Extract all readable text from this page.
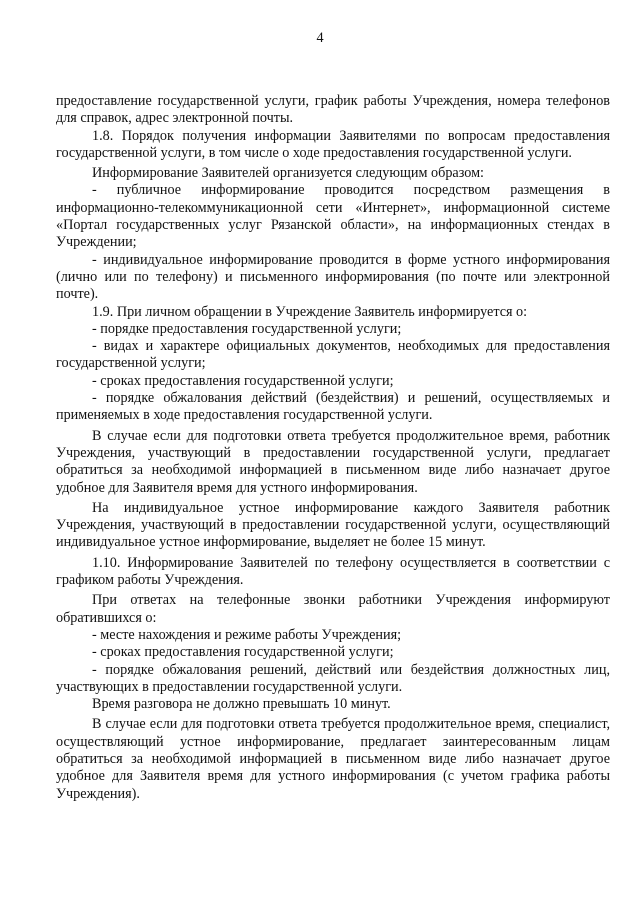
4

предоставление государственной услуги, график работы Учреждения, номера телефонов для справок, адрес электронной почты.

1.8. Порядок получения информации Заявителями по вопросам предоставления государственной услуги, в том числе о ходе предоставления государственной услуги.

Информирование Заявителей организуется следующим образом:

- публичное информирование проводится посредством размещения в информационно-телекоммуникационной сети «Интернет», информационной системе «Портал государственных услуг Рязанской области», на информационных стендах в Учреждении;

- индивидуальное информирование проводится в форме устного информирования (лично или по телефону) и письменного информирования (по почте или электронной почте).

1.9. При личном обращении в Учреждение Заявитель информируется о:

- порядке предоставления государственной услуги;

- видах и характере официальных документов, необходимых для предоставления государственной услуги;

- сроках предоставления государственной услуги;

- порядке обжалования действий (бездействия) и решений, осуществляемых и применяемых в ходе предоставления государственной услуги.

В случае если для подготовки ответа требуется продолжительное время, работник Учреждения, участвующий в предоставлении государственной услуги, предлагает обратиться за необходимой информацией в письменном виде либо назначает другое удобное для Заявителя время для устного информирования.

На индивидуальное устное информирование каждого Заявителя работник Учреждения, участвующий в предоставлении государственной услуги, осуществляющий индивидуальное устное информирование, выделяет не более 15 минут.

1.10. Информирование Заявителей по телефону осуществляется в соответствии с графиком работы Учреждения.

При ответах на телефонные звонки работники Учреждения информируют обратившихся о:

- месте нахождения и режиме работы Учреждения;

- сроках предоставления государственной услуги;

- порядке обжалования решений, действий или бездействия должностных лиц, участвующих в предоставлении государственной услуги.

Время разговора не должно превышать 10 минут.

В случае если для подготовки ответа требуется продолжительное время, специалист, осуществляющий устное информирование, предлагает заинтересованным лицам обратиться за необходимой информацией в письменном виде либо назначает другое удобное для Заявителя время для устного информирования (с учетом графика работы Учреждения).
